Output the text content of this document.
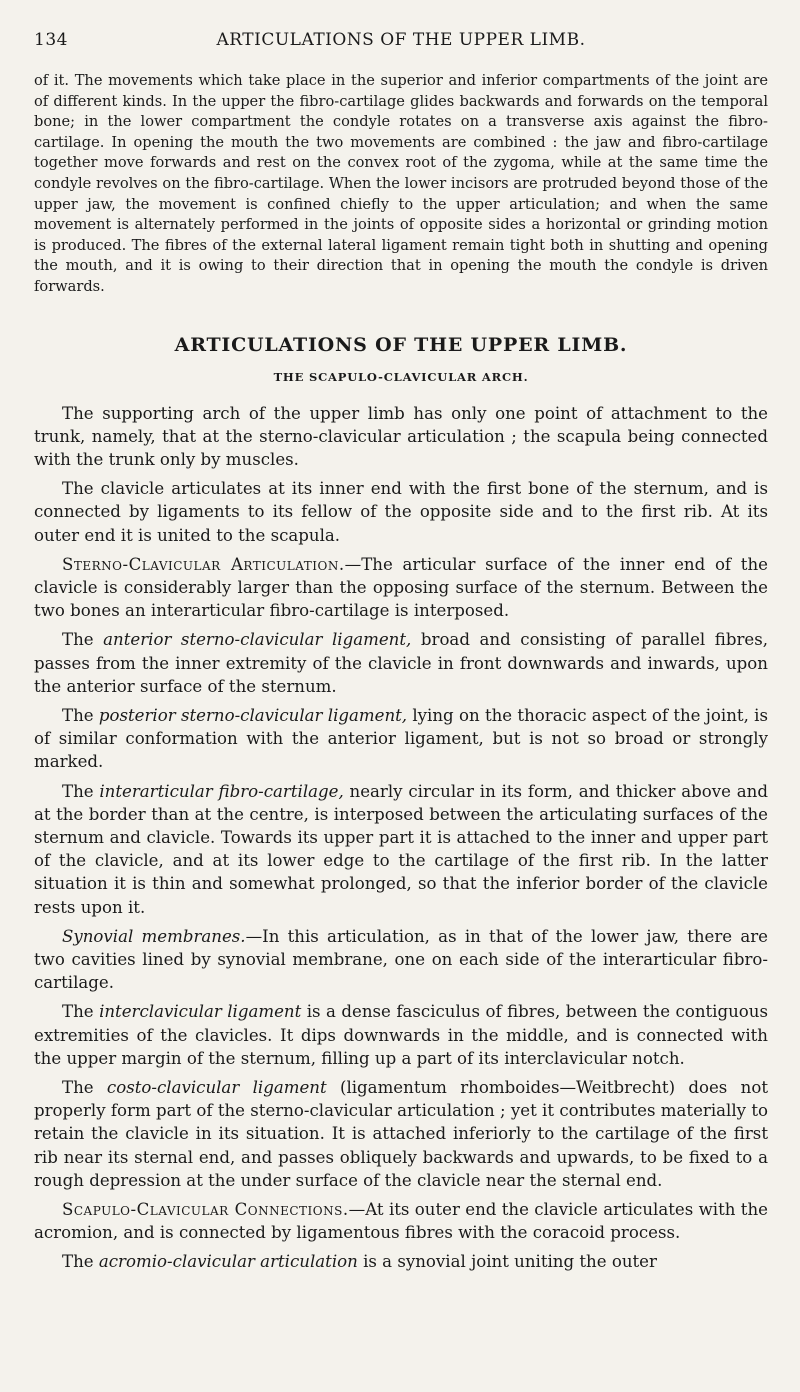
134	ARTICULATIONS OF THE UPPER LIMB.

of it. The movements which take place in the superior and inferior compartments of the joint are of different kinds. In the upper the fibro-cartilage glides backwards and forwards on the temporal bone; in the lower compartment the condyle rotates on a transverse axis against the fibro-cartilage. In opening the mouth the two movements are combined : the jaw and fibro-cartilage together move forwards and rest on the convex root of the zygoma, while at the same time the condyle revolves on the fibro-cartilage. When the lower incisors are protruded beyond those of the upper jaw, the movement is confined chiefly to the upper articulation; and when the same movement is alternately performed in the joints of opposite sides a horizontal or grinding motion is produced. The fibres of the external lateral ligament remain tight both in shutting and opening the mouth, and it is owing to their direction that in opening the mouth the condyle is driven forwards.

ARTICULATIONS OF THE UPPER LIMB.
THE SCAPULO-CLAVICULAR ARCH.

The supporting arch of the upper limb has only one point of attachment to the trunk, namely, that at the sterno-clavicular articulation ; the scapula being connected with the trunk only by muscles.

The clavicle articulates at its inner end with the first bone of the sternum, and is connected by ligaments to its fellow of the opposite side and to the first rib. At its outer end it is united to the scapula.

Sterno-Clavicular Articulation.—The articular surface of the inner end of the clavicle is considerably larger than the opposing surface of the sternum. Between the two bones an interarticular fibro-cartilage is interposed.

The anterior sterno-clavicular ligament, broad and consisting of parallel fibres, passes from the inner extremity of the clavicle in front downwards and inwards, upon the anterior surface of the sternum.

The posterior sterno-clavicular ligament, lying on the thoracic aspect of the joint, is of similar conformation with the anterior ligament, but is not so broad or strongly marked.

The interarticular fibro-cartilage, nearly circular in its form, and thicker above and at the border than at the centre, is interposed between the articulating surfaces of the sternum and clavicle. Towards its upper part it is attached to the inner and upper part of the clavicle, and at its lower edge to the cartilage of the first rib. In the latter situation it is thin and somewhat prolonged, so that the inferior border of the clavicle rests upon it.

Synovial membranes.—In this articulation, as in that of the lower jaw, there are two cavities lined by synovial membrane, one on each side of the interarticular fibro-cartilage.

The interclavicular ligament is a dense fasciculus of fibres, between the contiguous extremities of the clavicles. It dips downwards in the middle, and is connected with the upper margin of the sternum, filling up a part of its interclavicular notch.

The costo-clavicular ligament (ligamentum rhomboides—Weitbrecht) does not properly form part of the sterno-clavicular articulation ; yet it contributes materially to retain the clavicle in its situation. It is attached inferiorly to the cartilage of the first rib near its sternal end, and passes obliquely backwards and upwards, to be fixed to a rough depression at the under surface of the clavicle near the sternal end.

Scapulo-Clavicular Connections.—At its outer end the clavicle articulates with the acromion, and is connected by ligamentous fibres with the coracoid process.

The acromio-clavicular articulation is a synovial joint uniting the outer
